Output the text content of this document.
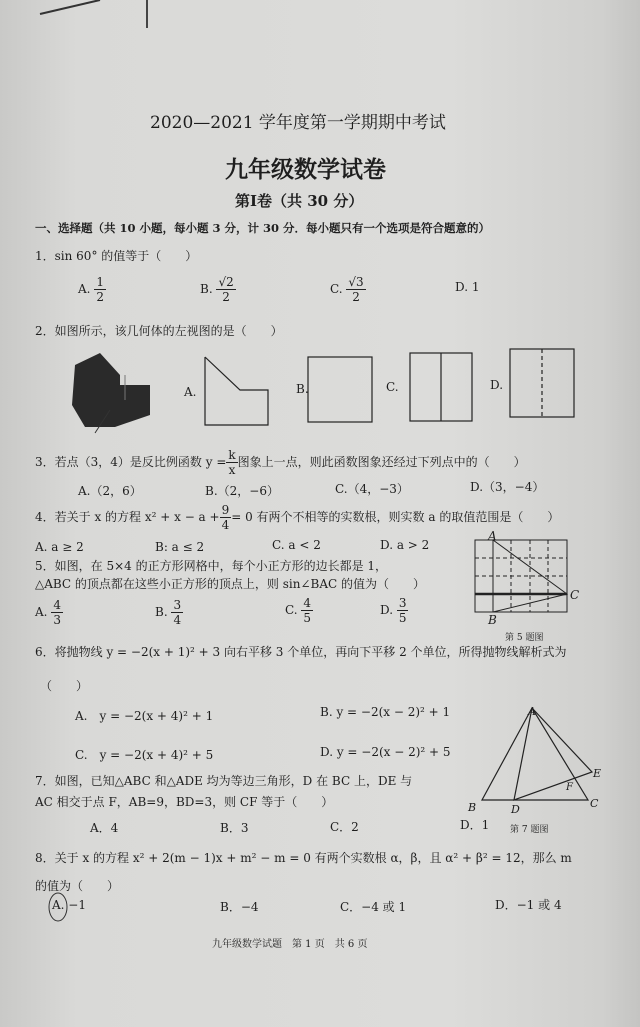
2020—2021 学年度第一学期期中考试
九年级数学试卷
第I卷（共 30 分）
一、选择题（共 10 小题，每小题 3 分，计 30 分．每小题只有一个选项是符合题意的）
1．sin 60° 的值等于（　　）
A. $\frac{1}{2}$	B. $\frac{√2}{2}$	C. $\frac{√3}{2}$	D. 1
2．如图所示，该几何体的左视图的是（　　）
A.	B.	C.	D.
3．若点（3，4）是反比例函数 $y = \frac{k}{x}$ 图象上一点，则此函数图象还经过下列点中的（　　）
A.（2，6）	B.（2，−6）	C.（4，−3）	D.（3，−4）
4．若关于 x 的方程 $x^2 + x - a + \frac{9}{4} = 0$ 有两个不相等的实数根，则实数 a 的取值范围是（　　）
A. a ≥ 2	B: a ≤ 2	C. a < 2	D. a > 2
5．如图，在 5×4 的正方形网格中，每个小正方形的边长都是 1，
△ABC 的顶点都在这些小正方形的顶点上，则 sin∠BAC 的值为（　　）
A. $\frac{4}{3}$	B. $\frac{3}{4}$	C. $\frac{4}{5}$	D. $\frac{3}{5}$
A
B
C
第 5 题图
6．将抛物线 y = −2(x + 1)² + 3 向右平移 3 个单位，再向下平移 2 个单位，所得抛物线解析式为
（　　）
A.　y = −2(x + 4)² + 1	B. y = −2(x − 2)² + 1
C.　y = −2(x + 4)² + 5	D. y = −2(x − 2)² + 5
7．如图，已知△ABC 和△ADE 均为等边三角形，D 在 BC 上，DE 与
AC 相交于点 F，AB=9，BD=3，则 CF 等于（　　）
A．4	B．3	C．2	D．1
A
B	C
D
E
F
第 7 题图
8．关于 x 的方程 x² + 2(m − 1)x + m² − m = 0 有两个实数根 α，β，且 α² + β² = 12，那么 m
的值为（　　）
A. −1	B．−4	C．−4 或 1	D．−1 或 4
九年级数学试题　第 1 页　共 6 页
